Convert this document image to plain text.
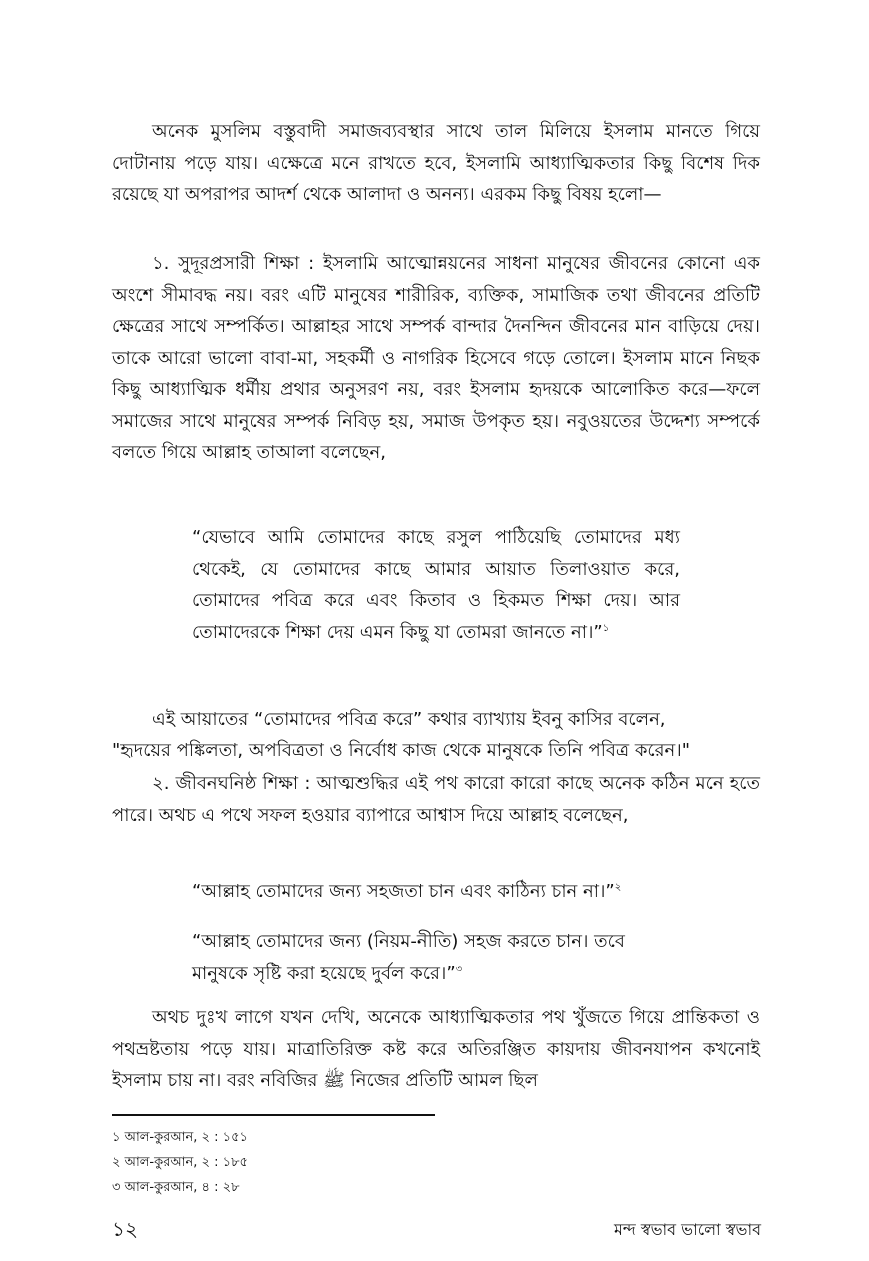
অনেক মুসলিম বস্তুবাদী সমাজব্যবস্থার সাথে তাল মিলিয়ে ইসলাম মানতে গিয়ে দোটানায় পড়ে যায়। এক্ষেত্রে মনে রাখতে হবে, ইসলামি আধ্যাত্মিকতার কিছু বিশেষ দিক রয়েছে যা অপরাপর আদর্শ থেকে আলাদা ও অনন্য। এরকম কিছু বিষয় হলো—

১. সুদূরপ্রসারী শিক্ষা : ইসলামি আত্মোন্নয়নের সাধনা মানুষের জীবনের কোনো এক অংশে সীমাবদ্ধ নয়। বরং এটি মানুষের শারীরিক, ব্যক্তিক, সামাজিক তথা জীবনের প্রতিটি ক্ষেত্রের সাথে সম্পর্কিত। আল্লাহর সাথে সম্পর্ক বান্দার দৈনন্দিন জীবনের মান বাড়িয়ে দেয়। তাকে আরো ভালো বাবা-মা, সহকর্মী ও নাগরিক হিসেবে গড়ে তোলে। ইসলাম মানে নিছক কিছু আধ্যাত্মিক ধর্মীয় প্রথার অনুসরণ নয়, বরং ইসলাম হৃদয়কে আলোকিত করে—ফলে সমাজের সাথে মানুষের সম্পর্ক নিবিড় হয়, সমাজ উপকৃত হয়। নবুওয়তের উদ্দেশ্য সম্পর্কে বলতে গিয়ে আল্লাহ তাআলা বলেছেন,

“যেভাবে আমি তোমাদের কাছে রসুল পাঠিয়েছি তোমাদের মধ্য থেকেই, যে তোমাদের কাছে আমার আয়াত তিলাওয়াত করে, তোমাদের পবিত্র করে এবং কিতাব ও হিকমত শিক্ষা দেয়। আর তোমাদেরকে শিক্ষা দেয় এমন কিছু যা তোমরা জানতে না।”$^১$

এই আয়াতের “তোমাদের পবিত্র করে” কথার ব্যাখ্যায় ইবনু কাসির বলেন,

"হৃদয়ের পঙ্কিলতা, অপবিত্রতা ও নির্বোধ কাজ থেকে মানুষকে তিনি পবিত্র করেন।"

২. জীবনঘনিষ্ঠ শিক্ষা : আত্মশুদ্ধির এই পথ কারো কারো কাছে অনেক কঠিন মনে হতে পারে। অথচ এ পথে সফল হওয়ার ব্যাপারে আশ্বাস দিয়ে আল্লাহ বলেছেন,

“আল্লাহ তোমাদের জন্য সহজতা চান এবং কাঠিন্য চান না।”$^২$

“আল্লাহ তোমাদের জন্য (নিয়ম-নীতি) সহজ করতে চান। তবে মানুষকে সৃষ্টি করা হয়েছে দুর্বল করে।”$^৩$

অথচ দুঃখ লাগে যখন দেখি, অনেকে আধ্যাত্মিকতার পথ খুঁজতে গিয়ে প্রান্তিকতা ও পথভ্রষ্টতায় পড়ে যায়। মাত্রাতিরিক্ত কষ্ট করে অতিরঞ্জিত কায়দায় জীবনযাপন কখনোই ইসলাম চায় না। বরং নবিজির ﷺ নিজের প্রতিটি আমল ছিল

১ আল-কুরআন, ২ : ১৫১

২ আল-কুরআন, ২ : ১৮৫

৩ আল-কুরআন, ৪ : ২৮

১২	মন্দ স্বভাব ভালো স্বভাব
